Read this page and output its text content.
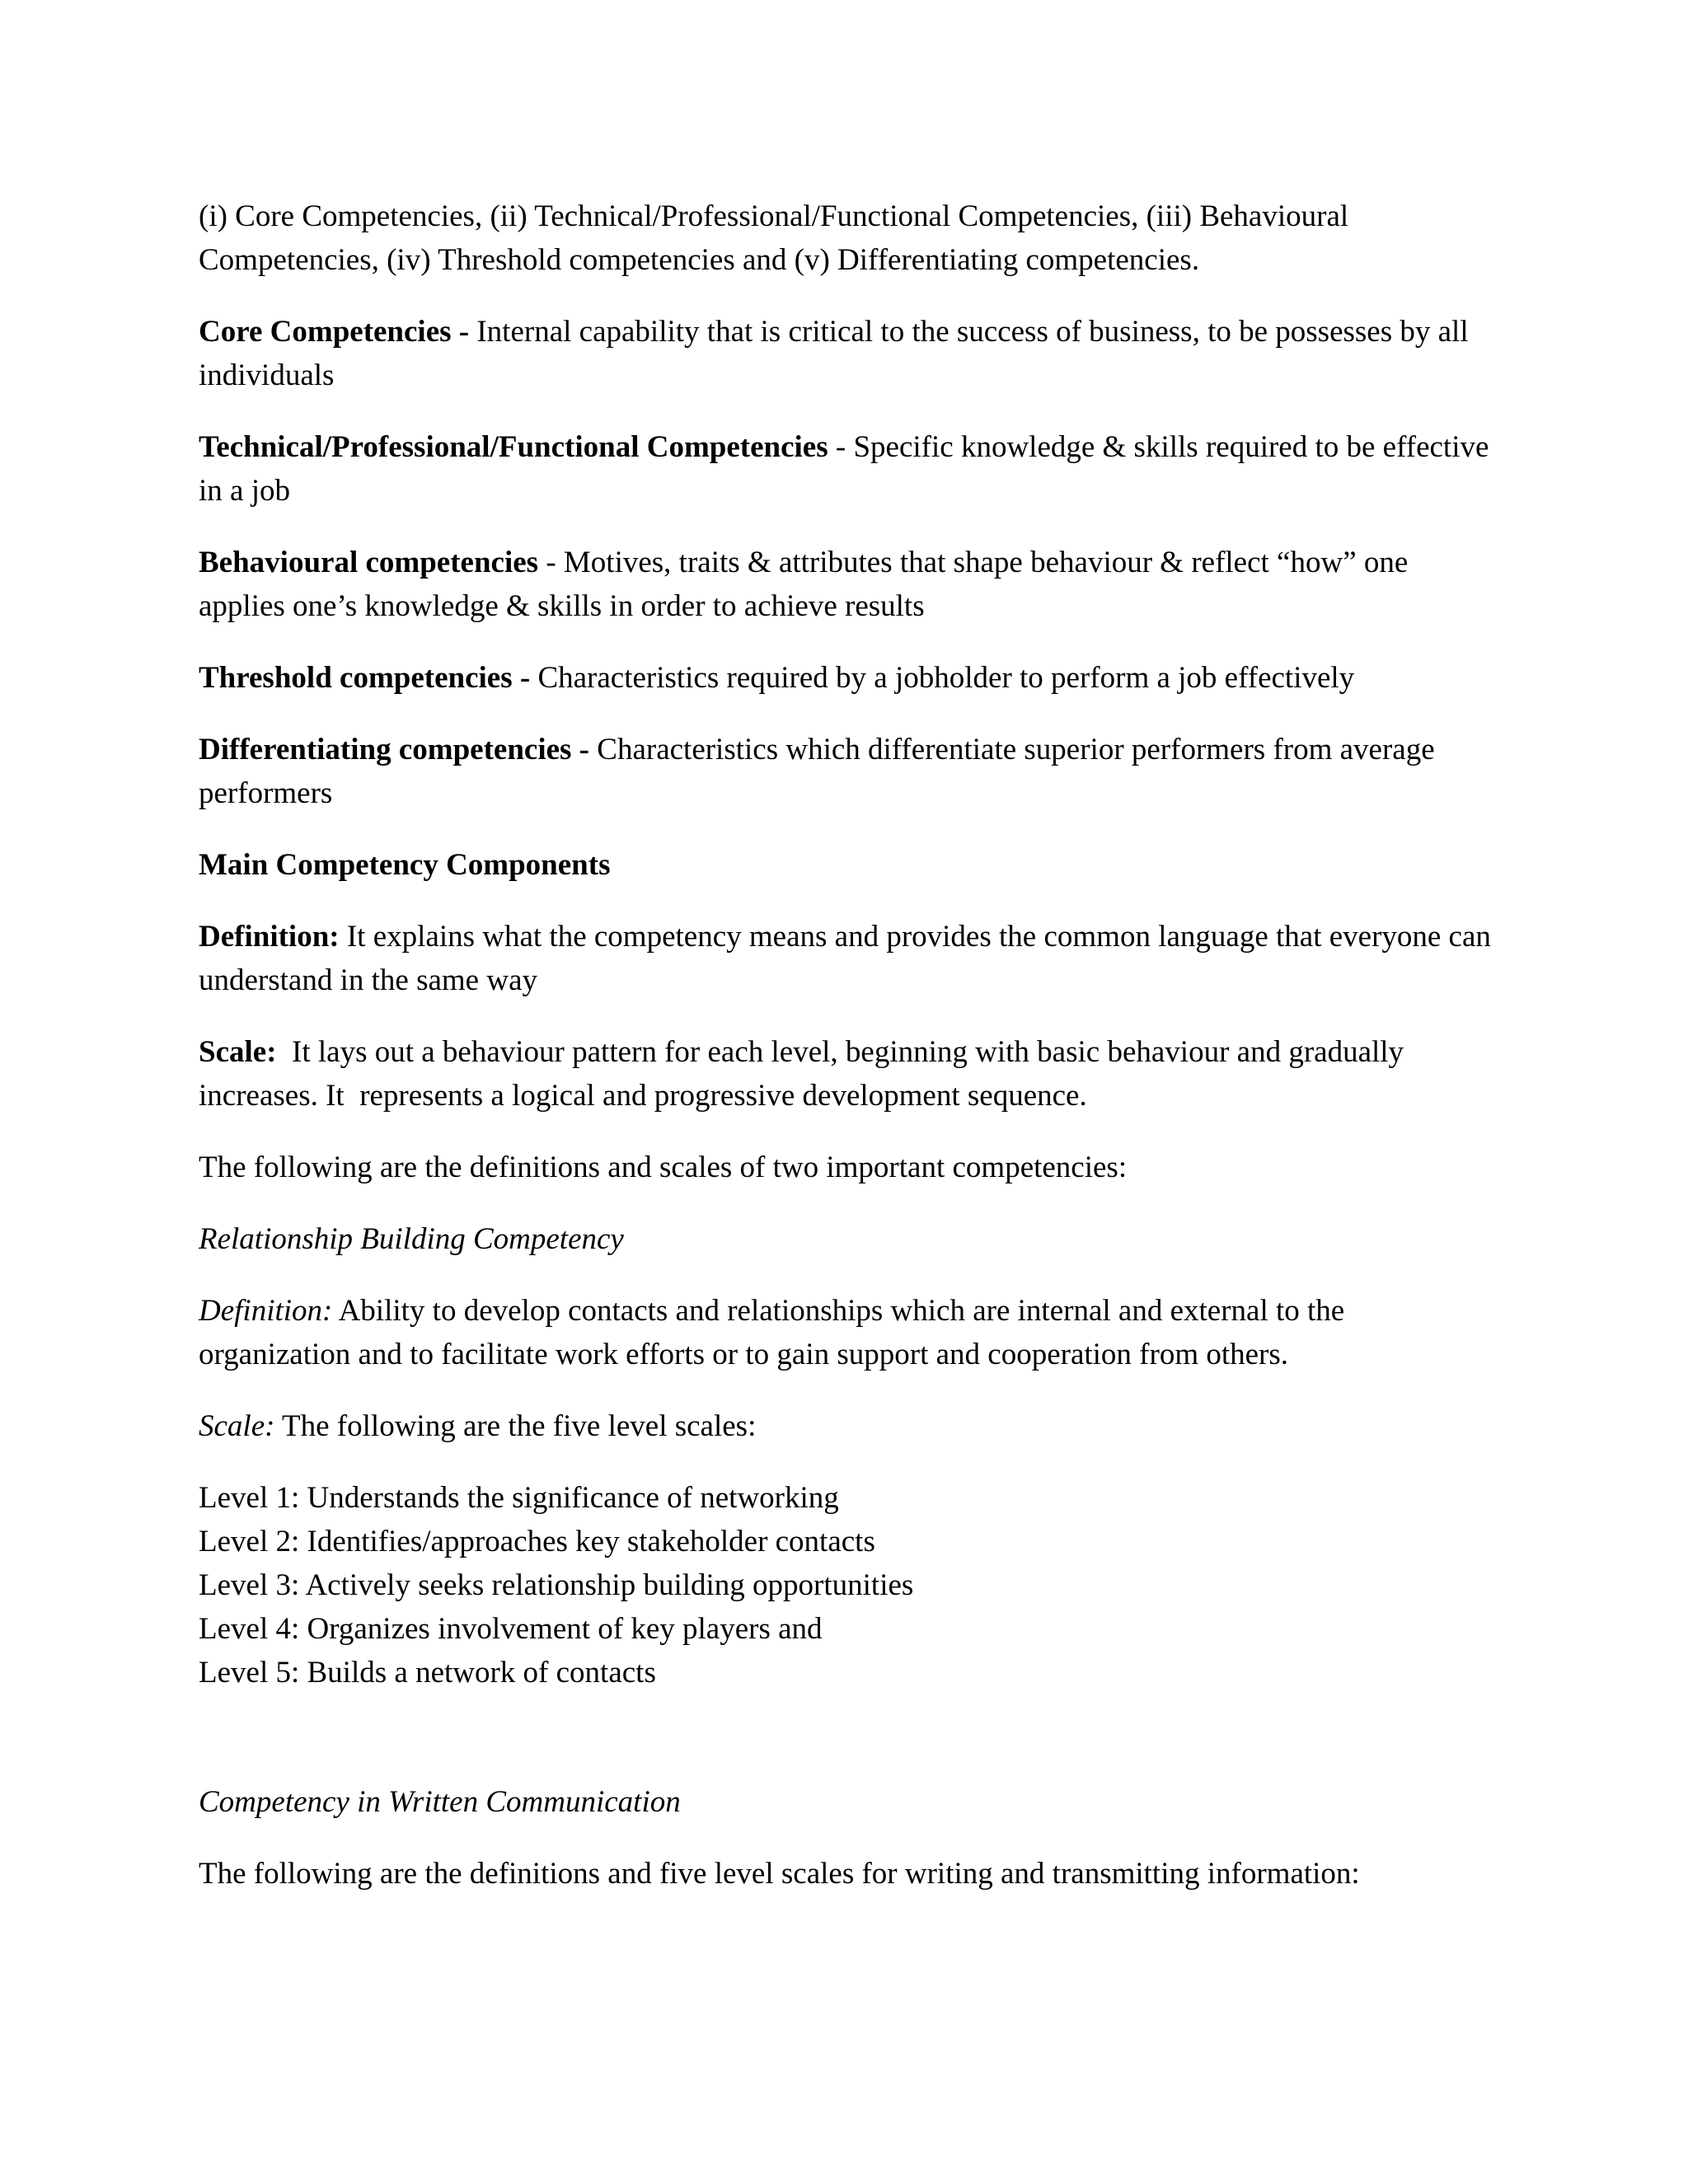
(i) Core Competencies, (ii) Technical/Professional/Functional Competencies, (iii) Behavioural Competencies, (iv) Threshold competencies and (v) Differentiating competencies.

Core Competencies - Internal capability that is critical to the success of business, to be possesses by all individuals

Technical/Professional/Functional Competencies - Specific knowledge & skills required to be effective in a job

Behavioural competencies - Motives, traits & attributes that shape behaviour & reflect “how” one applies one’s knowledge & skills in order to achieve results

Threshold competencies - Characteristics required by a jobholder to perform a job effectively

Differentiating competencies - Characteristics which differentiate superior performers from average performers

Main Competency Components

Definition: It explains what the competency means and provides the common language that everyone can understand in the same way

Scale:  It lays out a behaviour pattern for each level, beginning with basic behaviour and gradually increases. It  represents a logical and progressive development sequence.

The following are the definitions and scales of two important competencies:

Relationship Building Competency

Definition: Ability to develop contacts and relationships which are internal and external to the organization and to facilitate work efforts or to gain support and cooperation from others.

Scale: The following are the five level scales:

Level 1: Understands the significance of networking
Level 2: Identifies/approaches key stakeholder contacts
Level 3: Actively seeks relationship building opportunities
Level 4: Organizes involvement of key players and
Level 5: Builds a network of contacts

Competency in Written Communication

The following are the definitions and five level scales for writing and transmitting information:
